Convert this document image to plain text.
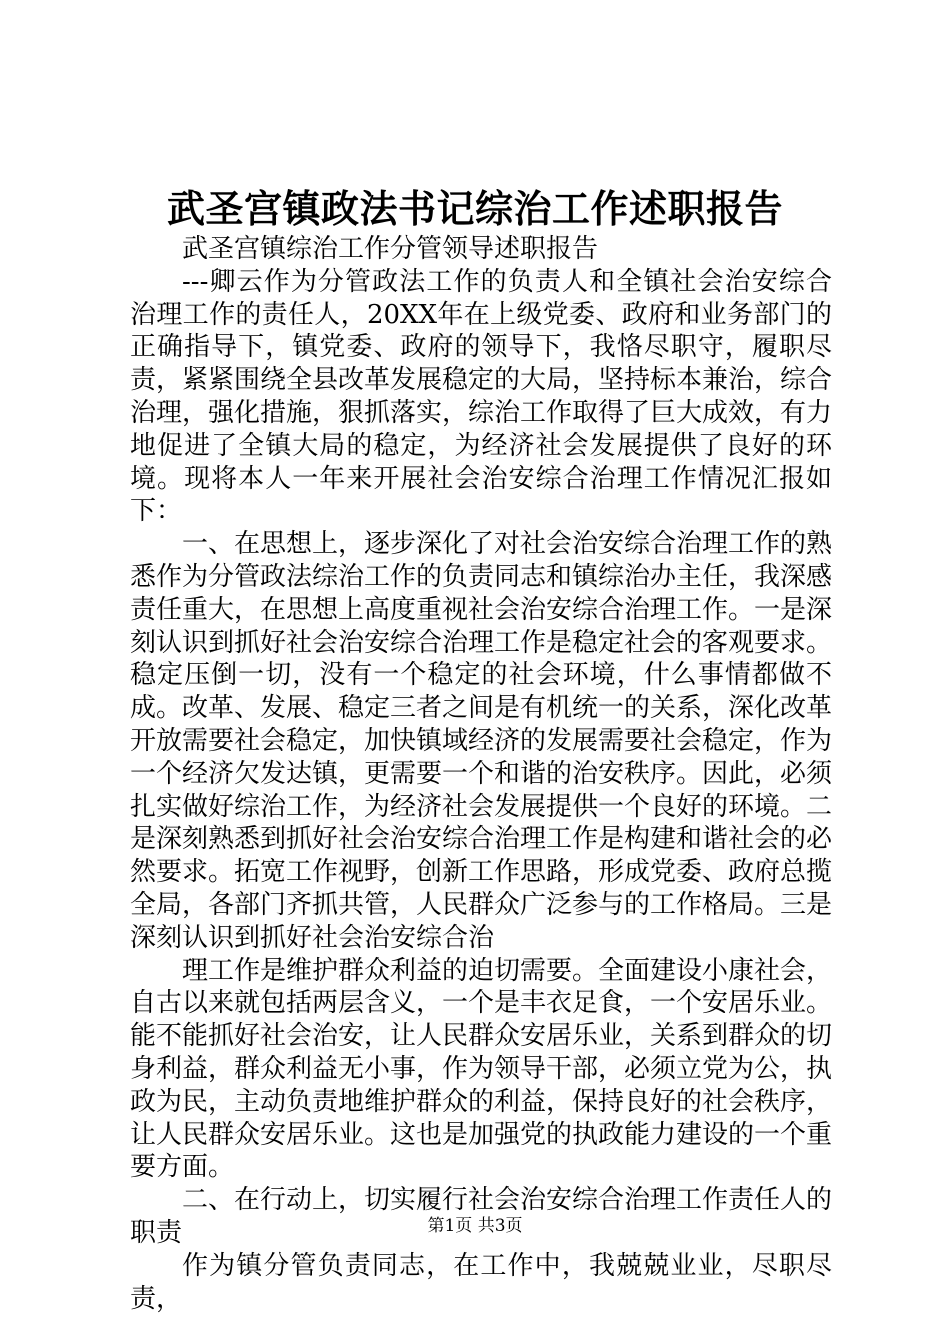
武圣宫镇政法书记综治工作述职报告

武圣宫镇综治工作分管领导述职报告

---卿云作为分管政法工作的负责人和全镇社会治安综合治理工作的责任人，20XX年在上级党委、政府和业务部门的正确指导下，镇党委、政府的领导下，我恪尽职守，履职尽责，紧紧围绕全县改革发展稳定的大局，坚持标本兼治，综合治理，强化措施，狠抓落实，综治工作取得了巨大成效，有力地促进了全镇大局的稳定，为经济社会发展提供了良好的环境。现将本人一年来开展社会治安综合治理工作情况汇报如下：

一、在思想上，逐步深化了对社会治安综合治理工作的熟悉作为分管政法综治工作的负责同志和镇综治办主任，我深感责任重大，在思想上高度重视社会治安综合治理工作。一是深刻认识到抓好社会治安综合治理工作是稳定社会的客观要求。稳定压倒一切，没有一个稳定的社会环境，什么事情都做不成。改革、发展、稳定三者之间是有机统一的关系，深化改革开放需要社会稳定，加快镇域经济的发展需要社会稳定，作为一个经济欠发达镇，更需要一个和谐的治安秩序。因此，必须扎实做好综治工作，为经济社会发展提供一个良好的环境。二是深刻熟悉到抓好社会治安综合治理工作是构建和谐社会的必然要求。拓宽工作视野，创新工作思路，形成党委、政府总揽全局，各部门齐抓共管，人民群众广泛参与的工作格局。三是深刻认识到抓好社会治安综合治

理工作是维护群众利益的迫切需要。全面建设小康社会，自古以来就包括两层含义，一个是丰衣足食，一个安居乐业。能不能抓好社会治安，让人民群众安居乐业，关系到群众的切身利益，群众利益无小事，作为领导干部，必须立党为公，执政为民，主动负责地维护群众的利益，保持良好的社会秩序，让人民群众安居乐业。这也是加强党的执政能力建设的一个重要方面。

二、在行动上，切实履行社会治安综合治理工作责任人的职责

作为镇分管负责同志，在工作中，我兢兢业业，尽职尽责，

第1页 共3页
